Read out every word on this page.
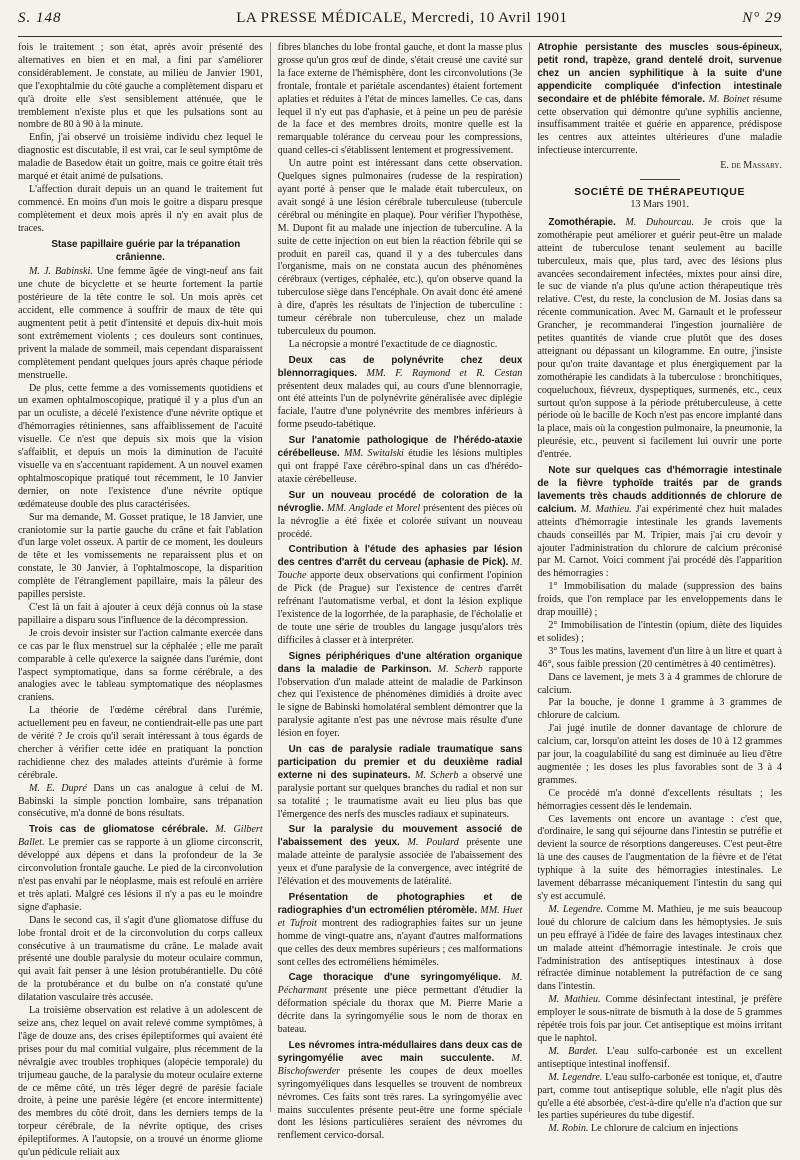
S. 148	LA PRESSE MÉDICALE, Mercredi, 10 Avril 1901	N° 29

fois le traitement ; son état, après avoir présenté des alternatives en bien et en mal, a fini par s'améliorer considérablement. Je constate, au milieu de Janvier 1901, que l'exophtalmie du côté gauche a complètement disparu et qu'à droite elle s'est sensiblement atténuée, que le tremblement n'existe plus et que les pulsations sont au nombre de 80 à 90 à la minute.

Enfin, j'ai observé un troisième individu chez lequel le diagnostic est discutable, il est vrai, car le seul symptôme de maladie de Basedow était un goitre, mais ce goitre était très marqué et était animé de pulsations.

L'affection durait depuis un an quand le traitement fut commencé. En moins d'un mois le goitre a disparu presque complètement et deux mois après il n'y en avait plus de traces.

Stase papillaire guérie par la trépanation crânienne.

M. J. Babinski. Une femme âgée de vingt-neuf ans fait une chute de bicyclette et se heurte fortement la partie postérieure de la tête contre le sol. Un mois après cet accident, elle commence à souffrir de maux de tête qui augmentent petit à petit d'intensité et depuis dix-huit mois sont extrêmement violents ; ces douleurs sont continues, privent la malade de sommeil, mais cependant disparaissent complètement pendant quelques jours après chaque période menstruelle.

De plus, cette femme a des vomissements quotidiens et un examen ophtalmoscopique, pratiqué il y a plus d'un an par un oculiste, a décelé l'existence d'une névrite optique et d'hémorragies rétiniennes, sans affaiblissement de l'acuité visuelle. Ce n'est que depuis six mois que la vision s'affaiblit, et depuis un mois la diminution de l'acuité visuelle va en s'accentuant rapidement. A un nouvel examen ophtalmoscopique pratiqué tout récemment, le 10 Janvier dernier, on note l'existence d'une névrite optique œdémateuse double des plus caractérisées.

Sur ma demande, M. Gosset pratique, le 18 Janvier, une craniotomie sur la partie gauche du crâne et fait l'ablation d'un large volet osseux. A partir de ce moment, les douleurs de tête et les vomissements ne reparaissent plus et on constate, le 30 Janvier, à l'ophtalmoscope, la disparition complète de l'étranglement papillaire, mais la pâleur des papilles persiste.

C'est là un fait à ajouter à ceux déjà connus où la stase papillaire a disparu sous l'influence de la décompression.

Je crois devoir insister sur l'action calmante exercée dans ce cas par le flux menstruel sur la céphalée ; elle me paraît comparable à celle qu'exerce la saignée dans l'urémie, dont l'aspect symptomatique, dans sa forme cérébrale, a des analogies avec le tableau symptomatique des néoplasmes craniens.

La théorie de l'œdème cérébral dans l'urémie, actuellement peu en faveur, ne contiendrait-elle pas une part de vérité ? Je crois qu'il serait intéressant à tous égards de chercher à vérifier cette idée en pratiquant la ponction rachidienne chez des malades atteints d'urémie à forme cérébrale.

M. E. Dupré Dans un cas analogue à celui de M. Babinski la simple ponction lombaire, sans trépanation consécutive, m'a donné de bons résultats.

Trois cas de gliomatose cérébrale. M. Gilbert Ballet. Le premier cas se rapporte à un gliome circonscrit, développé aux dépens et dans la profondeur de la 3e circonvolution frontale gauche. Le pied de la circonvolution n'est pas envahi par le néoplasme, mais est refoulé en arrière et très aplati. Malgré ces lésions il n'y a pas eu le moindre signe d'aphasie.

Dans le second cas, il s'agit d'une gliomatose diffuse du lobe frontal droit et de la circonvolution du corps calleux consécutive à un traumatisme du crâne. Le malade avait présenté une double paralysie du moteur oculaire commun, qui avait fait penser à une lésion protubérantielle. Du côté de la protubérance et du bulbe on n'a constaté qu'une dilatation vasculaire très accusée.

La troisième observation est relative à un adolescent de seize ans, chez lequel on avait relevé comme symptômes, à l'âge de douze ans, des crises épileptiformes qui avaient été prises pour du mal comitial vulgaire, plus récemment de la névralgie avec troubles trophiques (alopécie temporale) du trijumeau gauche, de la paralysie du moteur oculaire externe de ce même côté, un très léger degré de parésie faciale droite, à peine une parésie légère (et encore intermittente) des membres du côté droit, dans les derniers temps de la torpeur cérébrale, de la névrite optique, des crises épileptiformes. A l'autopsie, on a trouvé un énorme gliome qu'un pédicule reliait aux

fibres blanches du lobe frontal gauche, et dont la masse plus grosse qu'un gros œuf de dinde, s'était creusé une cavité sur la face externe de l'hémisphère, dont les circonvolutions (3e frontale, frontale et pariétale ascendantes) étaient fortement aplaties et réduites à l'état de minces lamelles. Ce cas, dans lequel il n'y eut pas d'aphasie, et à peine un peu de parésie de la face et des membres droits, montre quelle est la remarquable tolérance du cerveau pour les compressions, quand celles-ci s'établissent lentement et progressivement.

Un autre point est intéressant dans cette observation. Quelques signes pulmonaires (rudesse de la respiration) ayant porté à penser que le malade était tuberculeux, on avait songé à une lésion cérébrale tuberculeuse (tubercule cérébral ou méningite en plaque). Pour vérifier l'hypothèse, M. Dupont fit au malade une injection de tuberculine. A la suite de cette injection on eut bien la réaction fébrile qui se produit en pareil cas, quand il y a des tubercules dans l'organisme, mais on ne constata aucun des phénomènes cérébraux (vertiges, céphalée, etc.), qu'on observe quand la tuberculose siège dans l'encéphale. On avait donc été amené à dire, d'après les résultats de l'injection de tuberculine : tumeur cérébrale non tuberculeuse, chez un malade tuberculeux du poumon.

La nécropsie a montré l'exactitude de ce diagnostic.

Deux cas de polynévrite chez deux blennorragiques. MM. F. Raymond et R. Cestan présentent deux malades qui, au cours d'une blennorragie, ont été atteints l'un de polynévrite généralisée avec diplégie faciale, l'autre d'une polynévrite des membres inférieurs à forme pseudo-tabétique.

Sur l'anatomie pathologique de l'hérédo-ataxie cérébelleuse. MM. Switalski étudie les lésions multiples qui ont frappé l'axe cérébro-spinal dans un cas d'hérédo-ataxie cérébelleuse.

Sur un nouveau procédé de coloration de la névroglie. MM. Anglade et Morel présentent des pièces où la névroglie a été fixée et colorée suivant un nouveau procédé.

Contribution à l'étude des aphasies par lésion des centres d'arrêt du cerveau (aphasie de Pick). M. Touche apporte deux observations qui confirment l'opinion de Pick (de Prague) sur l'existence de centres d'arrêt refrénant l'automatisme verbal, et dont la lésion explique l'existence de la logorrhée, de la paraphasie, de l'écholalie et de toute une série de troubles du langage jusqu'alors très difficiles à classer et à interpréter.

Signes périphériques d'une altération organique dans la maladie de Parkinson. M. Scherb rapporte l'observation d'un malade atteint de maladie de Parkinson chez qui l'existence de phénomènes dimidiés à droite avec le signe de Babinski homolatéral semblent démontrer que la paralysie agitante n'est pas une névrose mais résulte d'une lésion en foyer.

Un cas de paralysie radiale traumatique sans participation du premier et du deuxième radial externe ni des supinateurs. M. Scherb a observé une paralysie portant sur quelques branches du radial et non sur sa totalité ; le traumatisme avait eu lieu plus bas que l'émergence des nerfs des muscles radiaux et supinateurs.

Sur la paralysie du mouvement associé de l'abaissement des yeux. M. Poulard présente une malade atteinte de paralysie associée de l'abaissement des yeux et d'une paralysie de la convergence, avec intégrité de l'élévation et des mouvements de latéralité.

Présentation de photographies et de radiographies d'un ectromélien ptéromèle. MM. Huet et Tufroit montrent des radiographies faites sur un jeune homme de vingt-quatre ans, n'ayant d'autres malformations que celles des deux membres supérieurs ; ces malformations sont celles des ectroméliens hémimèles.

Cage thoracique d'une syringomyélique. M. Pécharmant présente une pièce permettant d'étudier la déformation spéciale du thorax que M. Pierre Marie a décrite dans la syringomyélie sous le nom de thorax en bateau.

Les névromes intra-médullaires dans deux cas de syringomyélie avec main succulente. M. Bischofswerder présente les coupes de deux moelles syringomyéliques dans lesquelles se trouvent de nombreux névromes. Ces faits sont très rares. La syringomyélie avec mains succulentes présente peut-être une forme spéciale dont les lésions particulières seraient des névromes du renflement cervico-dorsal.

Atrophie persistante des muscles sous-épineux, petit rond, trapèze, grand dentelé droit, survenue chez un ancien syphilitique à la suite d'une appendicite compliquée d'infection intestinale secondaire et de phlébite fémorale. M. Boinet résume cette observation qui démontre qu'une syphilis ancienne, insuffisamment traitée et guérie en apparence, prédispose les centres aux atteintes ultérieures d'une maladie infectieuse intercurrente.

E. de Massary.

SOCIÉTÉ DE THÉRAPEUTIQUE

13 Mars 1901.

Zomothérapie. M. Duhourcau. Je crois que la zomothérapie peut améliorer et guérir peut-être un malade atteint de tuberculose tenant seulement au bacille tuberculeux, mais que, plus tard, avec des lésions plus avancées secondairement infectées, mixtes pour ainsi dire, le suc de viande n'a plus qu'une action thérapeutique très relative. C'est, du reste, la conclusion de M. Josias dans sa récente communication. Avec M. Garnault et le professeur Grancher, je recommanderai l'ingestion journalière de petites quantités de viande crue plutôt que des doses atteignant ou dépassant un kilogramme. En outre, j'insiste pour qu'on traite davantage et plus énergiquement par la zomothérapie les candidats à la tuberculose : bronchitiques, coqueluchoux, fiévreux, dyspeptiques, surmenés, etc., ceux surtout qu'on suppose à la période prétuberculeuse, à cette période où le bacille de Koch n'est pas encore implanté dans la place, mais où la congestion pulmonaire, la pneumonie, la pleurésie, etc., peuvent si facilement lui ouvrir une porte d'entrée.

Note sur quelques cas d'hémorragie intestinale de la fièvre typhoïde traités par de grands lavements très chauds additionnés de chlorure de calcium. M. Mathieu. J'ai expérimenté chez huit malades atteints d'hémorragie intestinale les grands lavements chauds conseillés par M. Tripier, mais j'ai cru devoir y ajouter l'administration du chlorure de calcium préconisé par M. Carnot. Voici comment j'ai procédé dès l'apparition des hémorragies :

1° Immobilisation du malade (suppression des bains froids, que l'on remplace par les enveloppements dans le drap mouillé) ;

2° Immobilisation de l'intestin (opium, diète des liquides et solides) ;

3° Tous les matins, lavement d'un litre à un litre et quart à 46°, sous faible pression (20 centimètres à 40 centimètres).

Dans ce lavement, je mets 3 à 4 grammes de chlorure de calcium.

Par la bouche, je donne 1 gramme à 3 grammes de chlorure de calcium.

J'ai jugé inutile de donner davantage de chlorure de calcium, car, lorsqu'on atteint les doses de 10 à 12 grammes par jour, la coagulabilité du sang est diminuée au lieu d'être augmentée ; les doses les plus favorables sont de 3 à 4 grammes.

Ce procédé m'a donné d'excellents résultats ; les hémorragies cessent dès le lendemain.

Ces lavements ont encore un avantage : c'est que, d'ordinaire, le sang qui séjourne dans l'intestin se putréfie et devient la source de résorptions dangereuses. C'est peut-être là une des causes de l'augmentation de la fièvre et de l'état typhique à la suite des hémorragies intestinales. Le lavement débarrasse mécaniquement l'intestin du sang qui s'y est accumulé.

M. Legendre. Comme M. Mathieu, je me suis beaucoup loué du chlorure de calcium dans les hémoptysies. Je suis un peu effrayé à l'idée de faire des lavages intestinaux chez un malade atteint d'hémorragie intestinale. Je crois que l'administration des antiseptiques intestinaux à dose réfractée diminue notablement la putréfaction de ce sang dans l'intestin.

M. Mathieu. Comme désinfectant intestinal, je préfère employer le sous-nitrate de bismuth à la dose de 5 grammes répétée trois fois par jour. Cet antiseptique est moins irritant que le naphtol.

M. Bardet. L'eau sulfo-carbonée est un excellent antiseptique intestinal inoffensif.

M. Legendre. L'eau sulfo-carbonée est tonique, et, d'autre part, comme tout antiseptique soluble, elle n'agit plus dès qu'elle a été absorbée, c'est-à-dire qu'elle n'a d'action que sur les parties supérieures du tube digestif.

M. Robin. Le chlorure de calcium en injections
